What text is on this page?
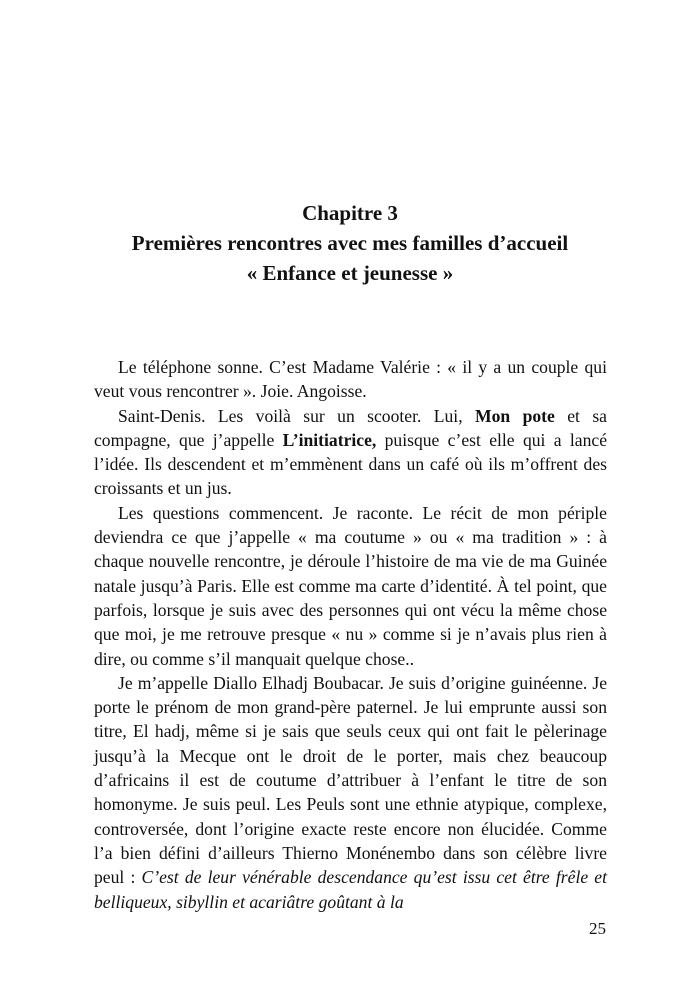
Chapitre 3
Premières rencontres avec mes familles d’accueil
« Enfance et jeunesse »

Le téléphone sonne. C’est Madame Valérie : « il y a un couple qui veut vous rencontrer ». Joie. Angoisse.

Saint-Denis. Les voilà sur un scooter. Lui, Mon pote et sa compagne, que j’appelle L’initiatrice, puisque c’est elle qui a lancé l’idée. Ils descendent et m’emmènent dans un café où ils m’offrent des croissants et un jus.

Les questions commencent. Je raconte. Le récit de mon périple deviendra ce que j’appelle « ma coutume » ou « ma tradition » : à chaque nouvelle rencontre, je déroule l’histoire de ma vie de ma Guinée natale jusqu’à Paris. Elle est comme ma carte d’identité. À tel point, que parfois, lorsque je suis avec des personnes qui ont vécu la même chose que moi, je me retrouve presque « nu » comme si je n’avais plus rien à dire, ou comme s’il manquait quelque chose..

Je m’appelle Diallo Elhadj Boubacar. Je suis d’origine guinéenne. Je porte le prénom de mon grand-père paternel. Je lui emprunte aussi son titre, El hadj, même si je sais que seuls ceux qui ont fait le pèlerinage jusqu’à la Mecque ont le droit de le porter, mais chez beaucoup d’africains il est de coutume d’attribuer à l’enfant le titre de son homonyme. Je suis peul. Les Peuls sont une ethnie atypique, complexe, controversée, dont l’origine exacte reste encore non élucidée. Comme l’a bien défini d’ailleurs Thierno Monénembo dans son célèbre livre peul : C’est de leur vénérable descendance qu’est issu cet être frêle et belliqueux, sibyllin et acariâtre goûtant à la

25
